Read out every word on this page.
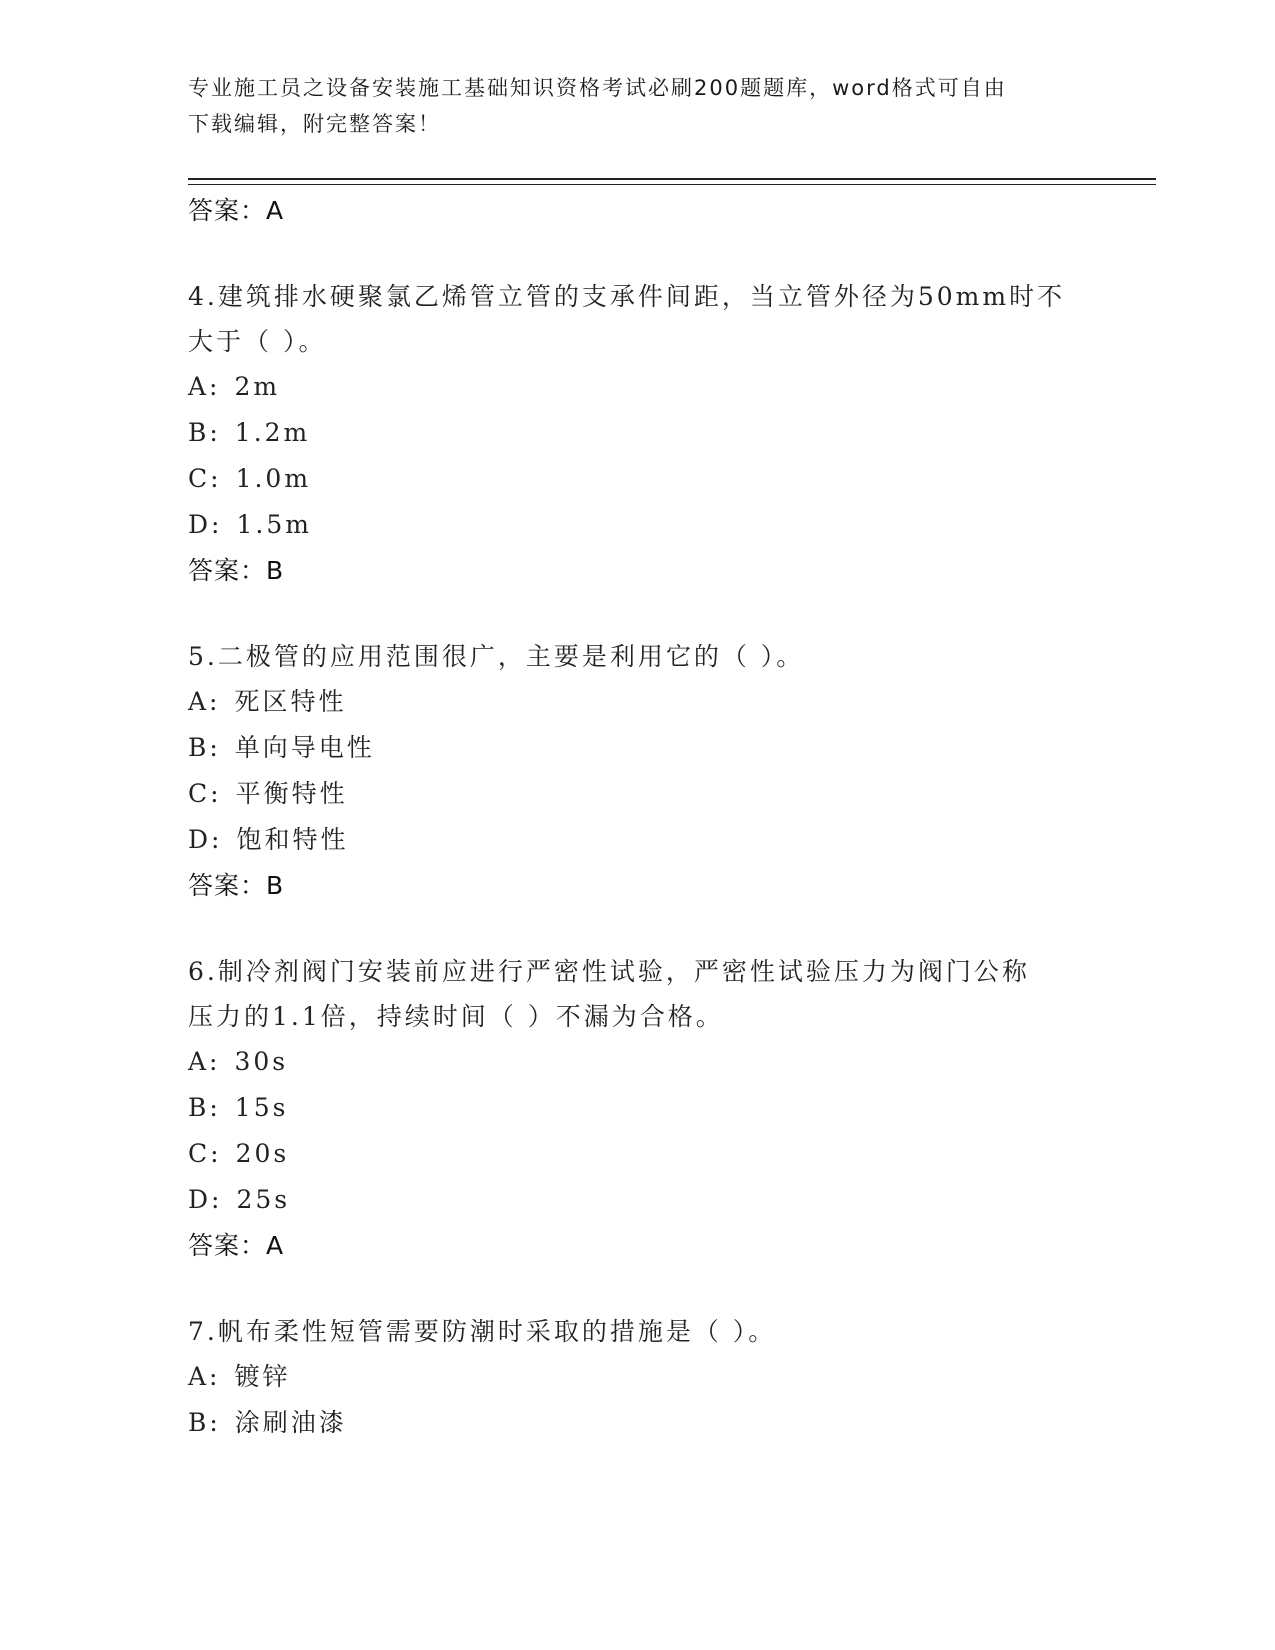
专业施工员之设备安装施工基础知识资格考试必刷200题题库，word格式可自由
下载编辑，附完整答案！
答案：A
4.建筑排水硬聚氯乙烯管立管的支承件间距，当立管外径为50mm时不
大于（ ）。
A: 2m
B: 1.2m
C: 1.0m
D: 1.5m
答案：B
5.二极管的应用范围很广，主要是利用它的（ ）。
A: 死区特性
B: 单向导电性
C: 平衡特性
D: 饱和特性
答案：B
6.制冷剂阀门安装前应进行严密性试验，严密性试验压力为阀门公称
压力的1.1倍，持续时间（ ）不漏为合格。
A: 30s
B: 15s
C: 20s
D: 25s
答案：A
7.帆布柔性短管需要防潮时采取的措施是（ ）。
A: 镀锌
B: 涂刷油漆
